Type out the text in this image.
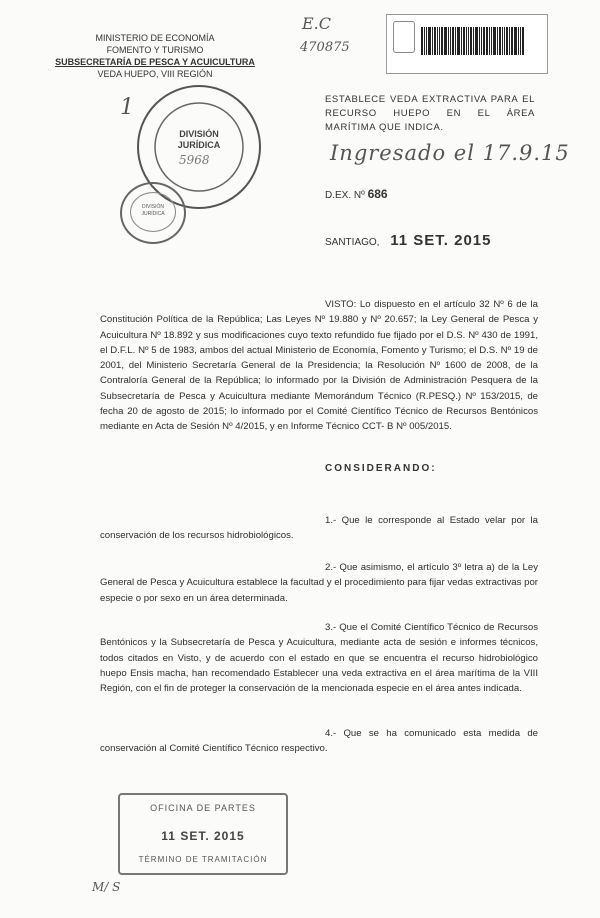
MINISTERIO DE ECONOMÍA
FOMENTO Y TURISMO
SUBSECRETARÍA DE PESCA Y ACUICULTURA
VEDA HUEPO, VIII REGIÓN
E.C
470875
1
DIVISIÓN
JURÍDICA
5968
DIVISIÓN JURÍDICA
ESTABLECE VEDA EXTRACTIVA PARA EL RECURSO HUEPO EN EL ÁREA MARÍTIMA QUE INDICA.
Ingresado el 17.9.15
D.EX. Nº 686
SANTIAGO, 11 SET. 2015

VISTO: Lo dispuesto en el artículo 32 Nº 6 de la Constitución Política de la República; Las Leyes Nº 19.880 y Nº 20.657; la Ley General de Pesca y Acuicultura Nº 18.892 y sus modificaciones cuyo texto refundido fue fijado por el D.S. Nº 430 de 1991, el D.F.L. Nº 5 de 1983, ambos del actual Ministerio de Economía, Fomento y Turismo; el D.S. Nº 19 de 2001, del Ministerio Secretaría General de la Presidencia; la Resolución Nº 1600 de 2008, de la Contraloría General de la República; lo informado por la División de Administración Pesquera de la Subsecretaría de Pesca y Acuicultura mediante Memorándum Técnico (R.PESQ.) Nº 153/2015, de fecha 20 de agosto de 2015; lo informado por el Comité Científico Técnico de Recursos Bentónicos mediante en Acta de Sesión Nº 4/2015, y en Informe Técnico CCT- B Nº 005/2015.

CONSIDERANDO:

1.- Que le corresponde al Estado velar por la conservación de los recursos hidrobiológicos.

2.- Que asimismo, el artículo 3º letra a) de la Ley General de Pesca y Acuicultura establece la facultad y el procedimiento para fijar vedas extractivas por especie o por sexo en un área determinada.

3.- Que el Comité Científico Técnico de Recursos Bentónicos y la Subsecretaría de Pesca y Acuicultura, mediante acta de sesión e informes técnicos, todos citados en Visto, y de acuerdo con el estado en que se encuentra el recurso hidrobiológico huepo Ensis macha, han recomendado Establecer una veda extractiva en el área marítima de la VIII Región, con el fin de proteger la conservación de la mencionada especie en el área antes indicada.

4.- Que se ha comunicado esta medida de conservación al Comité Científico Técnico respectivo.

OFICINA DE PARTES
11 SET. 2015
TÉRMINO DE TRAMITACIÓN
M/ S
